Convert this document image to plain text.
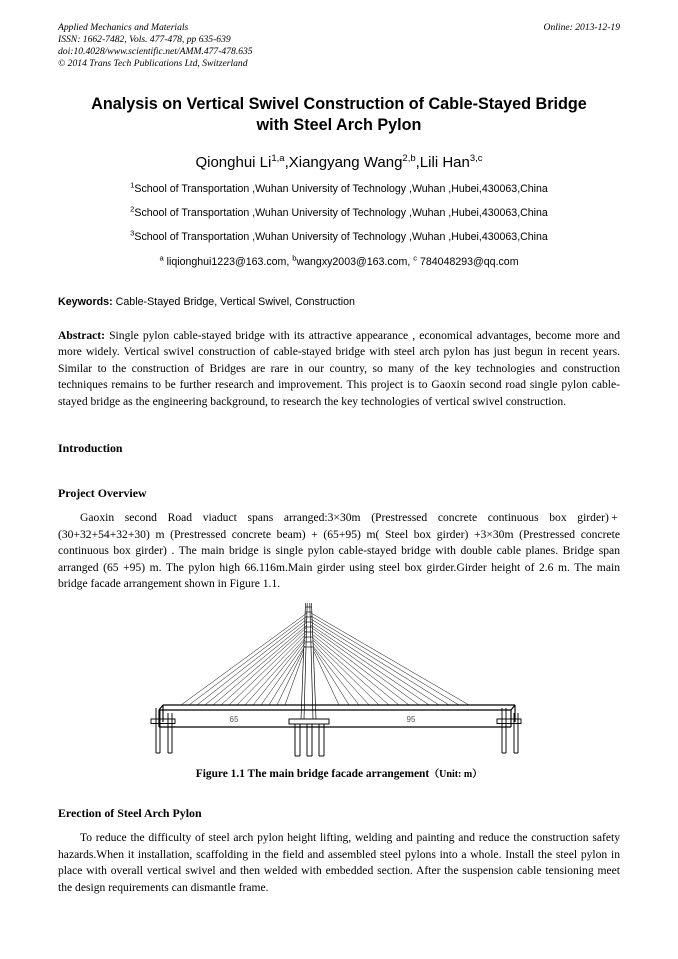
Applied Mechanics and Materials
ISSN: 1662-7482, Vols. 477-478, pp 635-639
doi:10.4028/www.scientific.net/AMM.477-478.635
© 2014 Trans Tech Publications Ltd, Switzerland
Online: 2013-12-19
Analysis on Vertical Swivel Construction of Cable-Stayed Bridge with Steel Arch Pylon
Qionghui Li$^{1,a}$,Xiangyang Wang$^{2,b}$,Lili Han$^{3,c}$
$^1$School of Transportation ,Wuhan University of Technology ,Wuhan ,Hubei,430063,China
$^2$School of Transportation ,Wuhan University of Technology ,Wuhan ,Hubei,430063,China
$^3$School of Transportation ,Wuhan University of Technology ,Wuhan ,Hubei,430063,China
$^a$ liqionghui1223@163.com, $^b$wangxy2003@163.com, $^c$ 784048293@qq.com
Keywords: Cable-Stayed Bridge, Vertical Swivel, Construction
Abstract: Single pylon cable-stayed bridge with its attractive appearance , economical advantages, become more and more widely. Vertical swivel construction of cable-stayed bridge with steel arch pylon has just begun in recent years. Similar to the construction of Bridges are rare in our country, so many of the key technologies and construction techniques remains to be further research and improvement. This project is to Gaoxin second road single pylon cable-stayed bridge as the engineering background, to research the key technologies of vertical swivel construction.
Introduction
Project Overview
Gaoxin second Road viaduct spans arranged:3×30m (Prestressed concrete continuous box girder) + (30+32+54+32+30) m (Prestressed concrete beam) + (65+95) m( Steel box girder) +3×30m (Prestressed concrete continuous box girder) . The main bridge is single pylon cable-stayed bridge with double cable planes. Bridge span arranged (65 +95) m. The pylon high 66.116m.Main girder using steel box girder.Girder height of 2.6 m. The main bridge facade arrangement shown in Figure 1.1.
65	95
Figure 1.1 The main bridge facade arrangement（Unit: m）
Erection of Steel Arch Pylon
To reduce the difficulty of steel arch pylon height lifting, welding and painting and reduce the construction safety hazards.When it installation, scaffolding in the field and assembled steel pylons into a whole. Install the steel pylon in place with overall vertical swivel and then welded with embedded section. After the suspension cable tensioning meet the design requirements can dismantle frame.
